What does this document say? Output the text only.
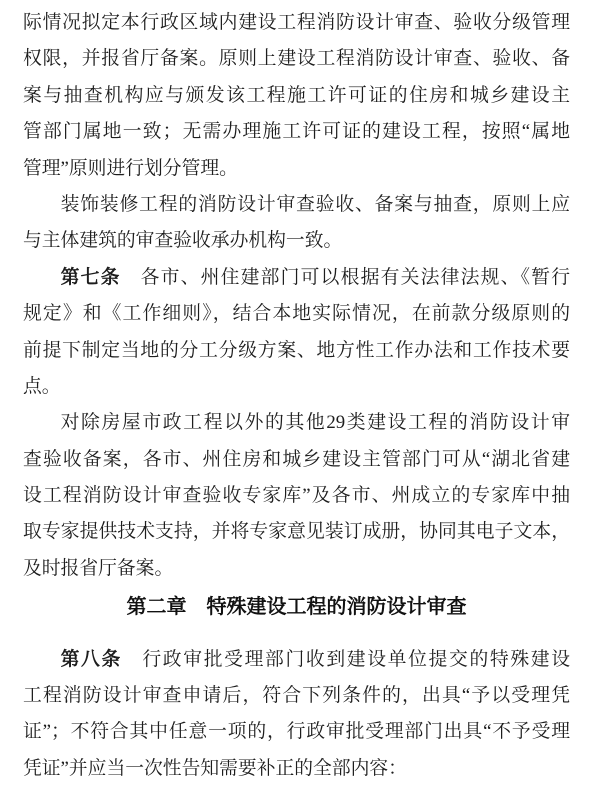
际情况拟定本行政区域内建设工程消防设计审查、验收分级管理
权限，并报省厅备案。原则上建设工程消防设计审查、验收、备
案与抽查机构应与颁发该工程施工许可证的住房和城乡建设主
管部门属地一致；无需办理施工许可证的建设工程，按照“属地
管理”原则进行划分管理。
装饰装修工程的消防设计审查验收、备案与抽查，原则上应
与主体建筑的审查验收承办机构一致。
第七条　各市、州住建部门可以根据有关法律法规、《暂行
规定》和《工作细则》，结合本地实际情况，在前款分级原则的
前提下制定当地的分工分级方案、地方性工作办法和工作技术要
点。
对除房屋市政工程以外的其他29类建设工程的消防设计审
查验收备案，各市、州住房和城乡建设主管部门可从“湖北省建
设工程消防设计审查验收专家库”及各市、州成立的专家库中抽
取专家提供技术支持，并将专家意见装订成册，协同其电子文本，
及时报省厅备案。
第二章　特殊建设工程的消防设计审查
第八条　行政审批受理部门收到建设单位提交的特殊建设
工程消防设计审查申请后，符合下列条件的，出具“予以受理凭
证”；不符合其中任意一项的，行政审批受理部门出具“不予受理
凭证”并应当一次性告知需要补正的全部内容：
